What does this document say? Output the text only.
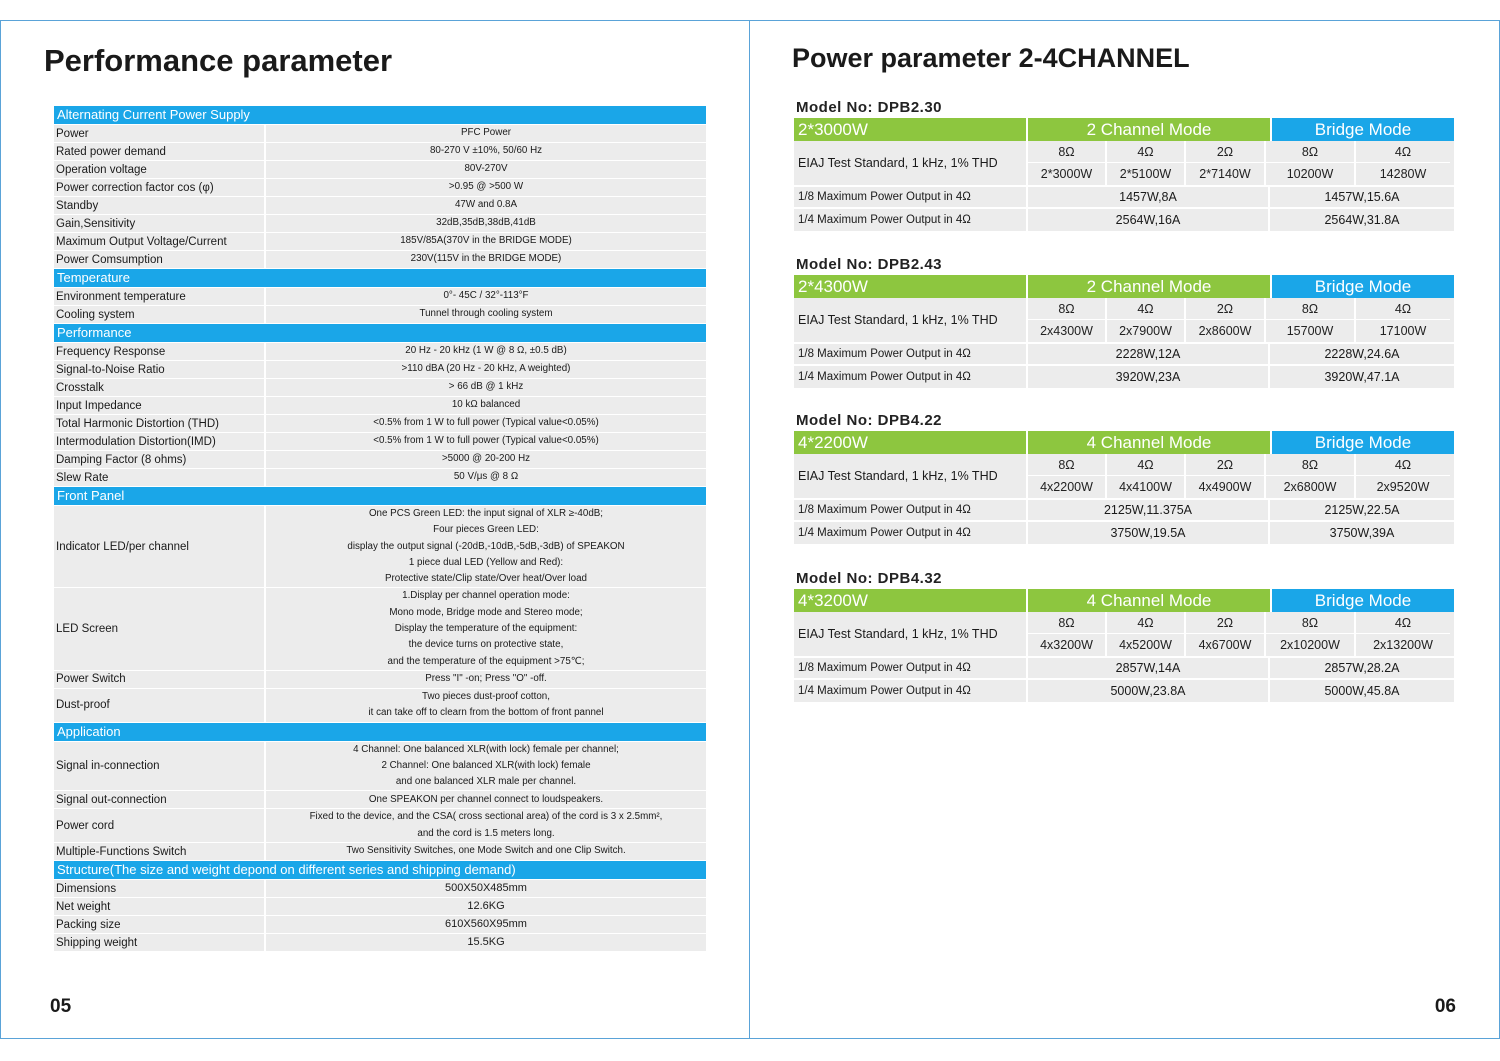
Performance parameter
Alternating Current Power Supply
Power	PFC Power
Rated power demand	80-270 V ±10%, 50/60 Hz
Operation voltage	80V-270V
Power correction factor cos (φ)	>0.95 @ >500 W
Standby	47W and 0.8A
Gain,Sensitivity	32dB,35dB,38dB,41dB
Maximum Output Voltage/Current	185V/85A(370V in the BRIDGE MODE)
Power Comsumption	230V(115V in the BRIDGE MODE)
Temperature
Environment temperature	0°- 45C / 32°-113°F
Cooling system	Tunnel through cooling system
Performance
Frequency Response	20 Hz - 20 kHz (1 W @ 8 Ω, ±0.5 dB)
Signal-to-Noise Ratio	>110 dBA (20 Hz - 20 kHz, A weighted)
Crosstalk	> 66 dB @ 1 kHz
Input Impedance	10 kΩ balanced
Total Harmonic Distortion (THD)	<0.5% from 1 W to full power (Typical value<0.05%)
Intermodulation Distortion(IMD)	<0.5% from 1 W to full power (Typical value<0.05%)
Damping Factor (8 ohms)	>5000 @ 20-200 Hz
Slew Rate	50 V/μs @ 8 Ω
Front Panel
Indicator LED/per channel
One PCS Green LED: the input signal of XLR ≥-40dB;
Four pieces Green LED:
display the output signal (-20dB,-10dB,-5dB,-3dB) of SPEAKON
1 piece dual LED (Yellow and Red):
Protective state/Clip state/Over heat/Over load
LED Screen
1.Display per channel operation mode:
Mono mode, Bridge mode and Stereo mode;
Display the temperature of the equipment:
the device turns on protective state,
and the temperature of the equipment >75℃;
Power Switch	Press "I" -on; Press "O" -off.
Dust-proof
Two pieces dust-proof cotton,
it can take off to clearn from the bottom of front pannel
Application
Signal in-connection
4 Channel: One balanced XLR(with lock) female per channel;
2 Channel: One balanced XLR(with lock) female
and one balanced XLR male per channel.
Signal out-connection	One SPEAKON per channel connect to loudspeakers.
Power cord
Fixed to the device, and the CSA( cross sectional area) of the cord is 3 x 2.5mm²,
and the cord is 1.5 meters long.
Multiple-Functions Switch	Two Sensitivity Switches, one Mode Switch and one Clip Switch.
Structure(The size and weight depond on different series and shipping demand)
Dimensions	500X50X485mm
Net weight	12.6KG
Packing size	610X560X95mm
Shipping weight	15.5KG
05
Power parameter 2-4CHANNEL
Model No: DPB2.30
2*3000W	2 Channel Mode	Bridge Mode
EIAJ Test Standard, 1 kHz, 1% THD
8Ω	4Ω	2Ω	8Ω	4Ω
2*3000W	2*5100W	2*7140W	10200W	14280W
1/8 Maximum Power Output in 4Ω	1457W,8A	1457W,15.6A
1/4 Maximum Power Output in 4Ω	2564W,16A	2564W,31.8A
Model No: DPB2.43
2*4300W	2 Channel Mode	Bridge Mode
EIAJ Test Standard, 1 kHz, 1% THD
8Ω	4Ω	2Ω	8Ω	4Ω
2x4300W	2x7900W	2x8600W	15700W	17100W
1/8 Maximum Power Output in 4Ω	2228W,12A	2228W,24.6A
1/4 Maximum Power Output in 4Ω	3920W,23A	3920W,47.1A
Model No: DPB4.22
4*2200W	4 Channel Mode	Bridge Mode
EIAJ Test Standard, 1 kHz, 1% THD
8Ω	4Ω	2Ω	8Ω	4Ω
4x2200W	4x4100W	4x4900W	2x6800W	2x9520W
1/8 Maximum Power Output in 4Ω	2125W,11.375A	2125W,22.5A
1/4 Maximum Power Output in 4Ω	3750W,19.5A	3750W,39A
Model No: DPB4.32
4*3200W	4 Channel Mode	Bridge Mode
EIAJ Test Standard, 1 kHz, 1% THD
8Ω	4Ω	2Ω	8Ω	4Ω
4x3200W	4x5200W	4x6700W	2x10200W	2x13200W
1/8 Maximum Power Output in 4Ω	2857W,14A	2857W,28.2A
1/4 Maximum Power Output in 4Ω	5000W,23.8A	5000W,45.8A
06
